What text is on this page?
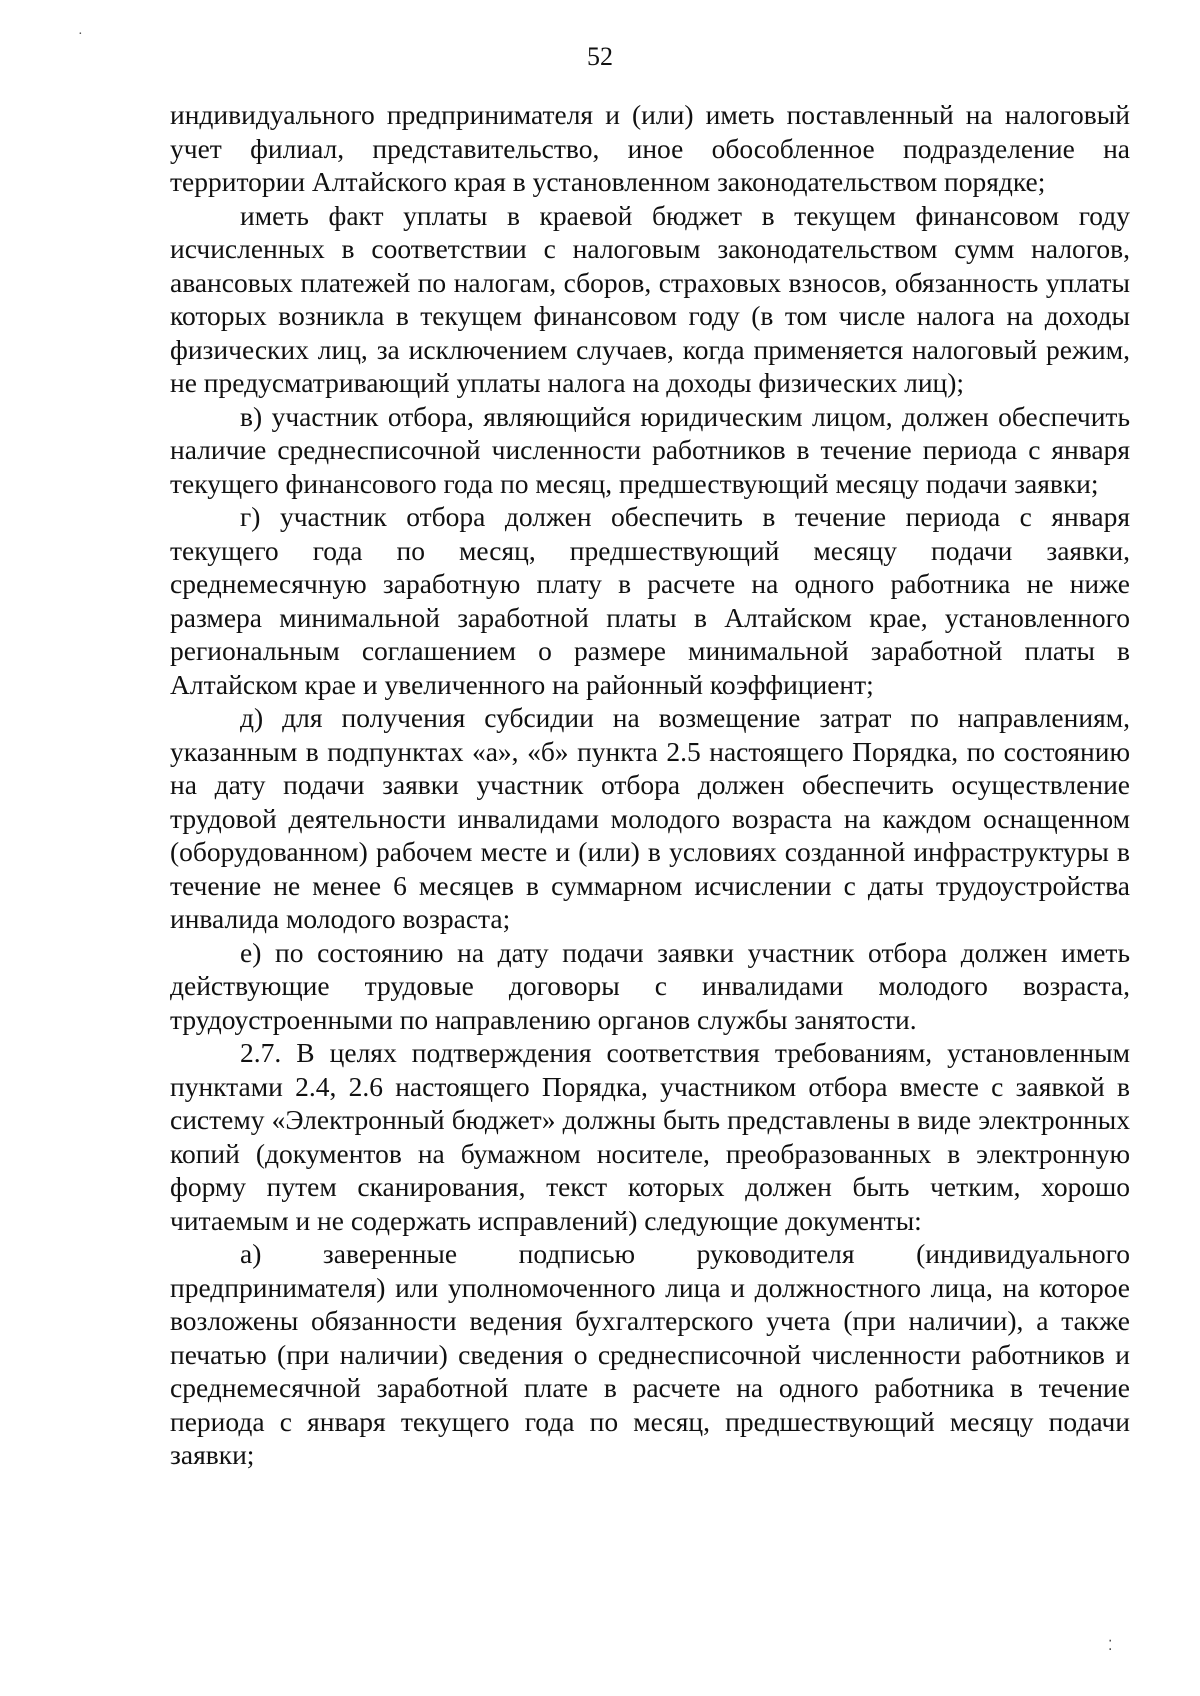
52

индивидуального предпринимателя и (или) иметь поставленный на налоговый учет филиал, представительство, иное обособленное подразделение на территории Алтайского края в установленном законодательством порядке;

иметь факт уплаты в краевой бюджет в текущем финансовом году исчисленных в соответствии с налоговым законодательством сумм налогов, авансовых платежей по налогам, сборов, страховых взносов, обязанность уплаты которых возникла в текущем финансовом году (в том числе налога на доходы физических лиц, за исключением случаев, когда применяется налоговый режим, не предусматривающий уплаты налога на доходы физических лиц);

в) участник отбора, являющийся юридическим лицом, должен обеспечить наличие среднесписочной численности работников в течение периода с января текущего финансового года по месяц, предшествующий месяцу подачи заявки;

г) участник отбора должен обеспечить в течение периода с января текущего года по месяц, предшествующий месяцу подачи заявки, среднемесячную заработную плату в расчете на одного работника не ниже размера минимальной заработной платы в Алтайском крае, установленного региональным соглашением о размере минимальной заработной платы в Алтайском крае и увеличенного на районный коэффициент;

д) для получения субсидии на возмещение затрат по направлениям, указанным в подпунктах «а», «б» пункта 2.5 настоящего Порядка, по состоянию на дату подачи заявки участник отбора должен обеспечить осуществление трудовой деятельности инвалидами молодого возраста на каждом оснащенном (оборудованном) рабочем месте и (или) в условиях созданной инфраструктуры в течение не менее 6 месяцев в суммарном исчислении с даты трудоустройства инвалида молодого возраста;

е) по состоянию на дату подачи заявки участник отбора должен иметь действующие трудовые договоры с инвалидами молодого возраста, трудоустроенными по направлению органов службы занятости.

2.7. В целях подтверждения соответствия требованиям, установленным пунктами 2.4, 2.6 настоящего Порядка, участником отбора вместе с заявкой в систему «Электронный бюджет» должны быть представлены в виде электронных копий (документов на бумажном носителе, преобразованных в электронную форму путем сканирования, текст которых должен быть четким, хорошо читаемым и не содержать исправлений) следующие документы:

а) заверенные подписью руководителя (индивидуального предпринимателя) или уполномоченного лица и должностного лица, на которое возложены обязанности ведения бухгалтерского учета (при наличии), а также печатью (при наличии) сведения о среднесписочной численности работников и среднемесячной заработной плате в расчете на одного работника в течение периода с января текущего года по месяц, предшествующий месяцу подачи заявки;

·
⁚
